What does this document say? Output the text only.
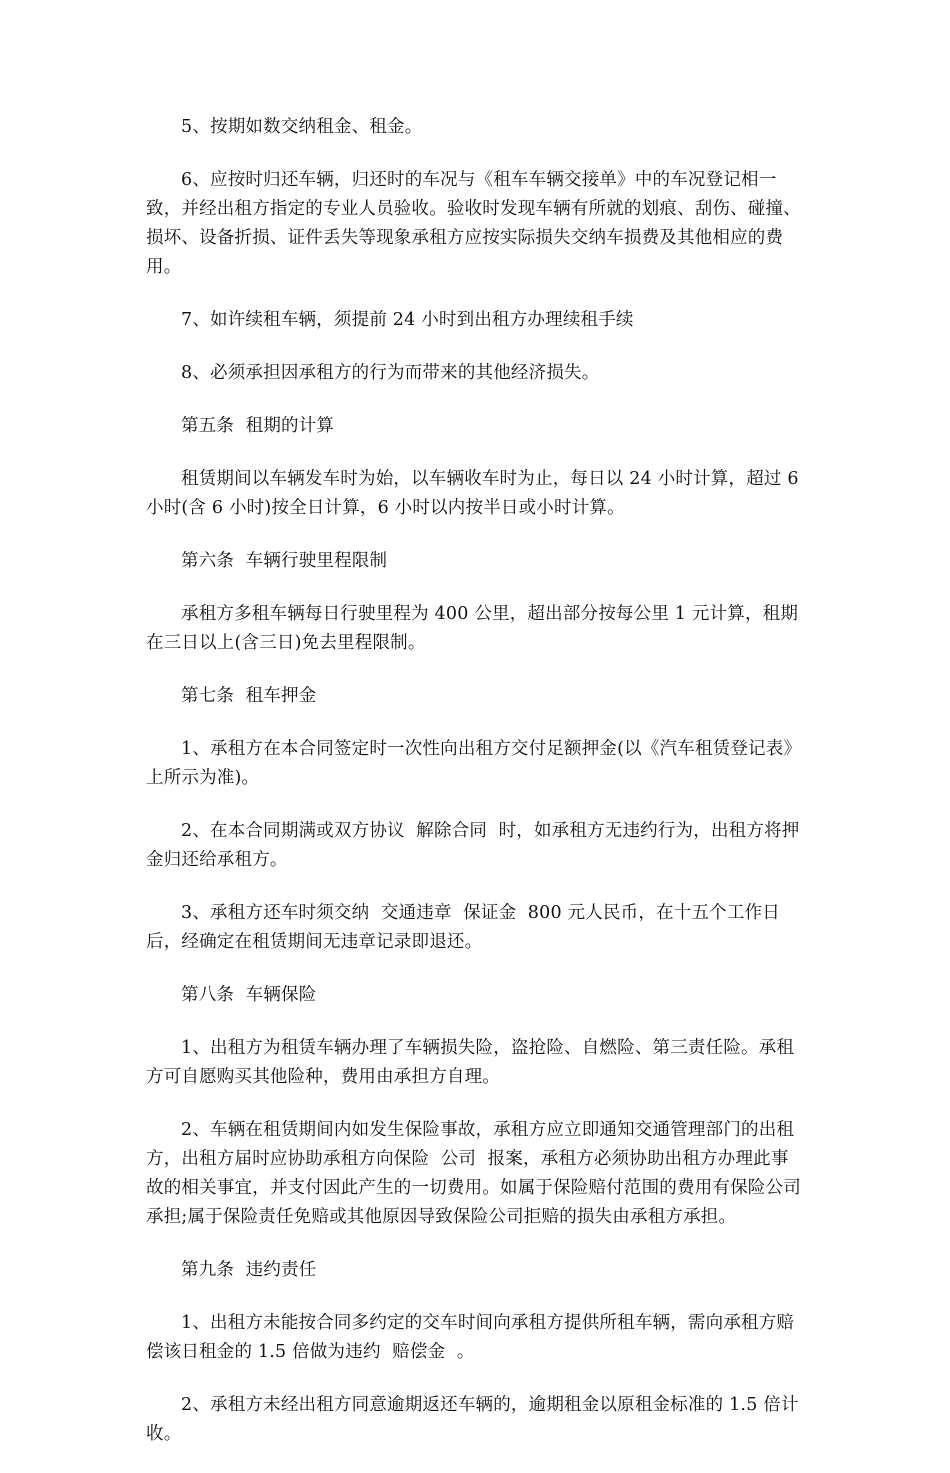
5、按期如数交纳租金、租金。

6、应按时归还车辆，归还时的车况与《租车车辆交接单》中的车况登记相一致，并经出租方指定的专业人员验收。验收时发现车辆有所就的划痕、刮伤、碰撞、损坏、设备折损、证件丢失等现象承租方应按实际损失交纳车损费及其他相应的费用。

7、如许续租车辆，须提前 24 小时到出租方办理续租手续

8、必须承担因承租方的行为而带来的其他经济损失。

第五条  租期的计算

租赁期间以车辆发车时为始，以车辆收车时为止，每日以 24 小时计算，超过 6 小时(含 6 小时)按全日计算，6 小时以内按半日或小时计算。

第六条  车辆行驶里程限制

承租方多租车辆每日行驶里程为 400 公里，超出部分按每公里 1 元计算，租期在三日以上(含三日)免去里程限制。

第七条  租车押金

1、承租方在本合同签定时一次性向出租方交付足额押金(以《汽车租赁登记表》上所示为准)。

2、在本合同期满或双方协议  解除合同  时，如承租方无违约行为，出租方将押金归还给承租方。

3、承租方还车时须交纳  交通违章  保证金  800 元人民币，在十五个工作日后，经确定在租赁期间无违章记录即退还。

第八条  车辆保险

1、出租方为租赁车辆办理了车辆损失险，盗抢险、自燃险、第三责任险。承租方可自愿购买其他险种，费用由承担方自理。

2、车辆在租赁期间内如发生保险事故，承租方应立即通知交通管理部门的出租方，出租方届时应协助承租方向保险  公司  报案，承租方必须协助出租方办理此事故的相关事宜，并支付因此产生的一切费用。如属于保险赔付范围的费用有保险公司承担;属于保险责任免赔或其他原因导致保险公司拒赔的损失由承租方承担。

第九条  违约责任

1、出租方未能按合同多约定的交车时间向承租方提供所租车辆，需向承租方赔偿该日租金的 1.5 倍做为违约  赔偿金  。

2、承租方未经出租方同意逾期返还车辆的，逾期租金以原租金标准的 1.5 倍计收。
